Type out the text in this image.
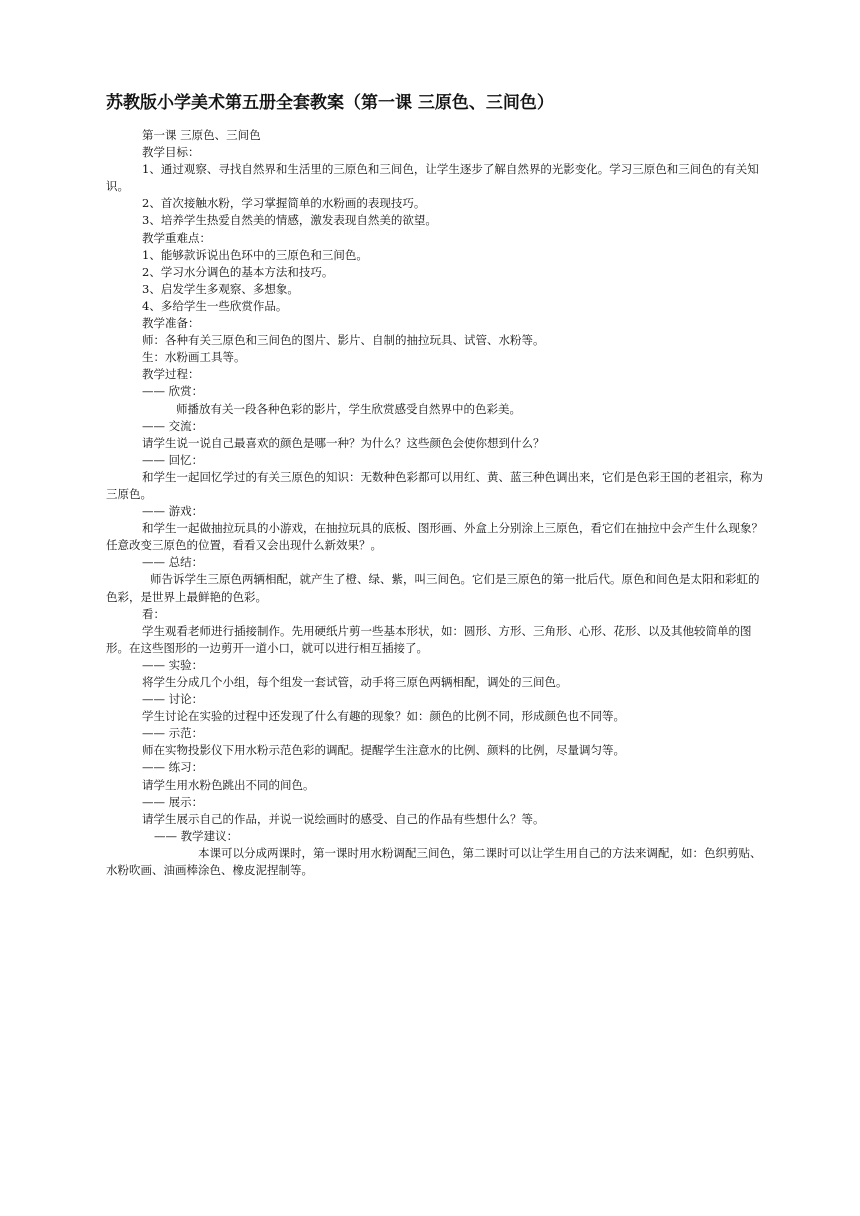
苏教版小学美术第五册全套教案（第一课 三原色、三间色）

第一课 三原色、三间色

教学目标：

1、通过观察、寻找自然界和生活里的三原色和三间色，让学生逐步了解自然界的光影变化。学习三原色和三间色的有关知识。

2、首次接触水粉，学习掌握简单的水粉画的表现技巧。

3、培养学生热爱自然美的情感，激发表现自然美的欲望。

教学重难点：

1、能够款诉说出色环中的三原色和三间色。

2、学习水分调色的基本方法和技巧。

3、启发学生多观察、多想象。

4、多给学生一些欣赏作品。

教学准备：

师：各种有关三原色和三间色的图片、影片、自制的抽拉玩具、试管、水粉等。

生：水粉画工具等。

教学过程：

—— 欣赏：

师播放有关一段各种色彩的影片，学生欣赏感受自然界中的色彩美。

—— 交流：

请学生说一说自己最喜欢的颜色是哪一种？为什么？这些颜色会使你想到什么？

—— 回忆：

和学生一起回忆学过的有关三原色的知识：无数种色彩都可以用红、黄、蓝三种色调出来，它们是色彩王国的老祖宗，称为三原色。

—— 游戏：

和学生一起做抽拉玩具的小游戏，在抽拉玩具的底板、图形画、外盒上分别涂上三原色，看它们在抽拉中会产生什么现象？任意改变三原色的位置，看看又会出现什么新效果？。

—— 总结：

师告诉学生三原色两辆相配，就产生了橙、绿、紫，叫三间色。它们是三原色的第一批后代。原色和间色是太阳和彩虹的色彩，是世界上最鲜艳的色彩。

看：

学生观看老师进行插接制作。先用硬纸片剪一些基本形状，如：圆形、方形、三角形、心形、花形、以及其他较简单的图形。在这些图形的一边剪开一道小口，就可以进行相互插接了。

—— 实验：

将学生分成几个小组，每个组发一套试管，动手将三原色两辆相配，调处的三间色。

—— 讨论：

学生讨论在实验的过程中还发现了什么有趣的现象？如：颜色的比例不同，形成颜色也不同等。

—— 示范：

师在实物投影仪下用水粉示范色彩的调配。提醒学生注意水的比例、颜料的比例，尽量调匀等。

—— 练习：

请学生用水粉色跳出不同的间色。

—— 展示：

请学生展示自己的作品，并说一说绘画时的感受、自己的作品有些想什么？等。

—— 教学建议：

本课可以分成两课时，第一课时用水粉调配三间色，第二课时可以让学生用自己的方法来调配，如：色织剪贴、水粉吹画、油画棒涂色、橡皮泥捏制等。
